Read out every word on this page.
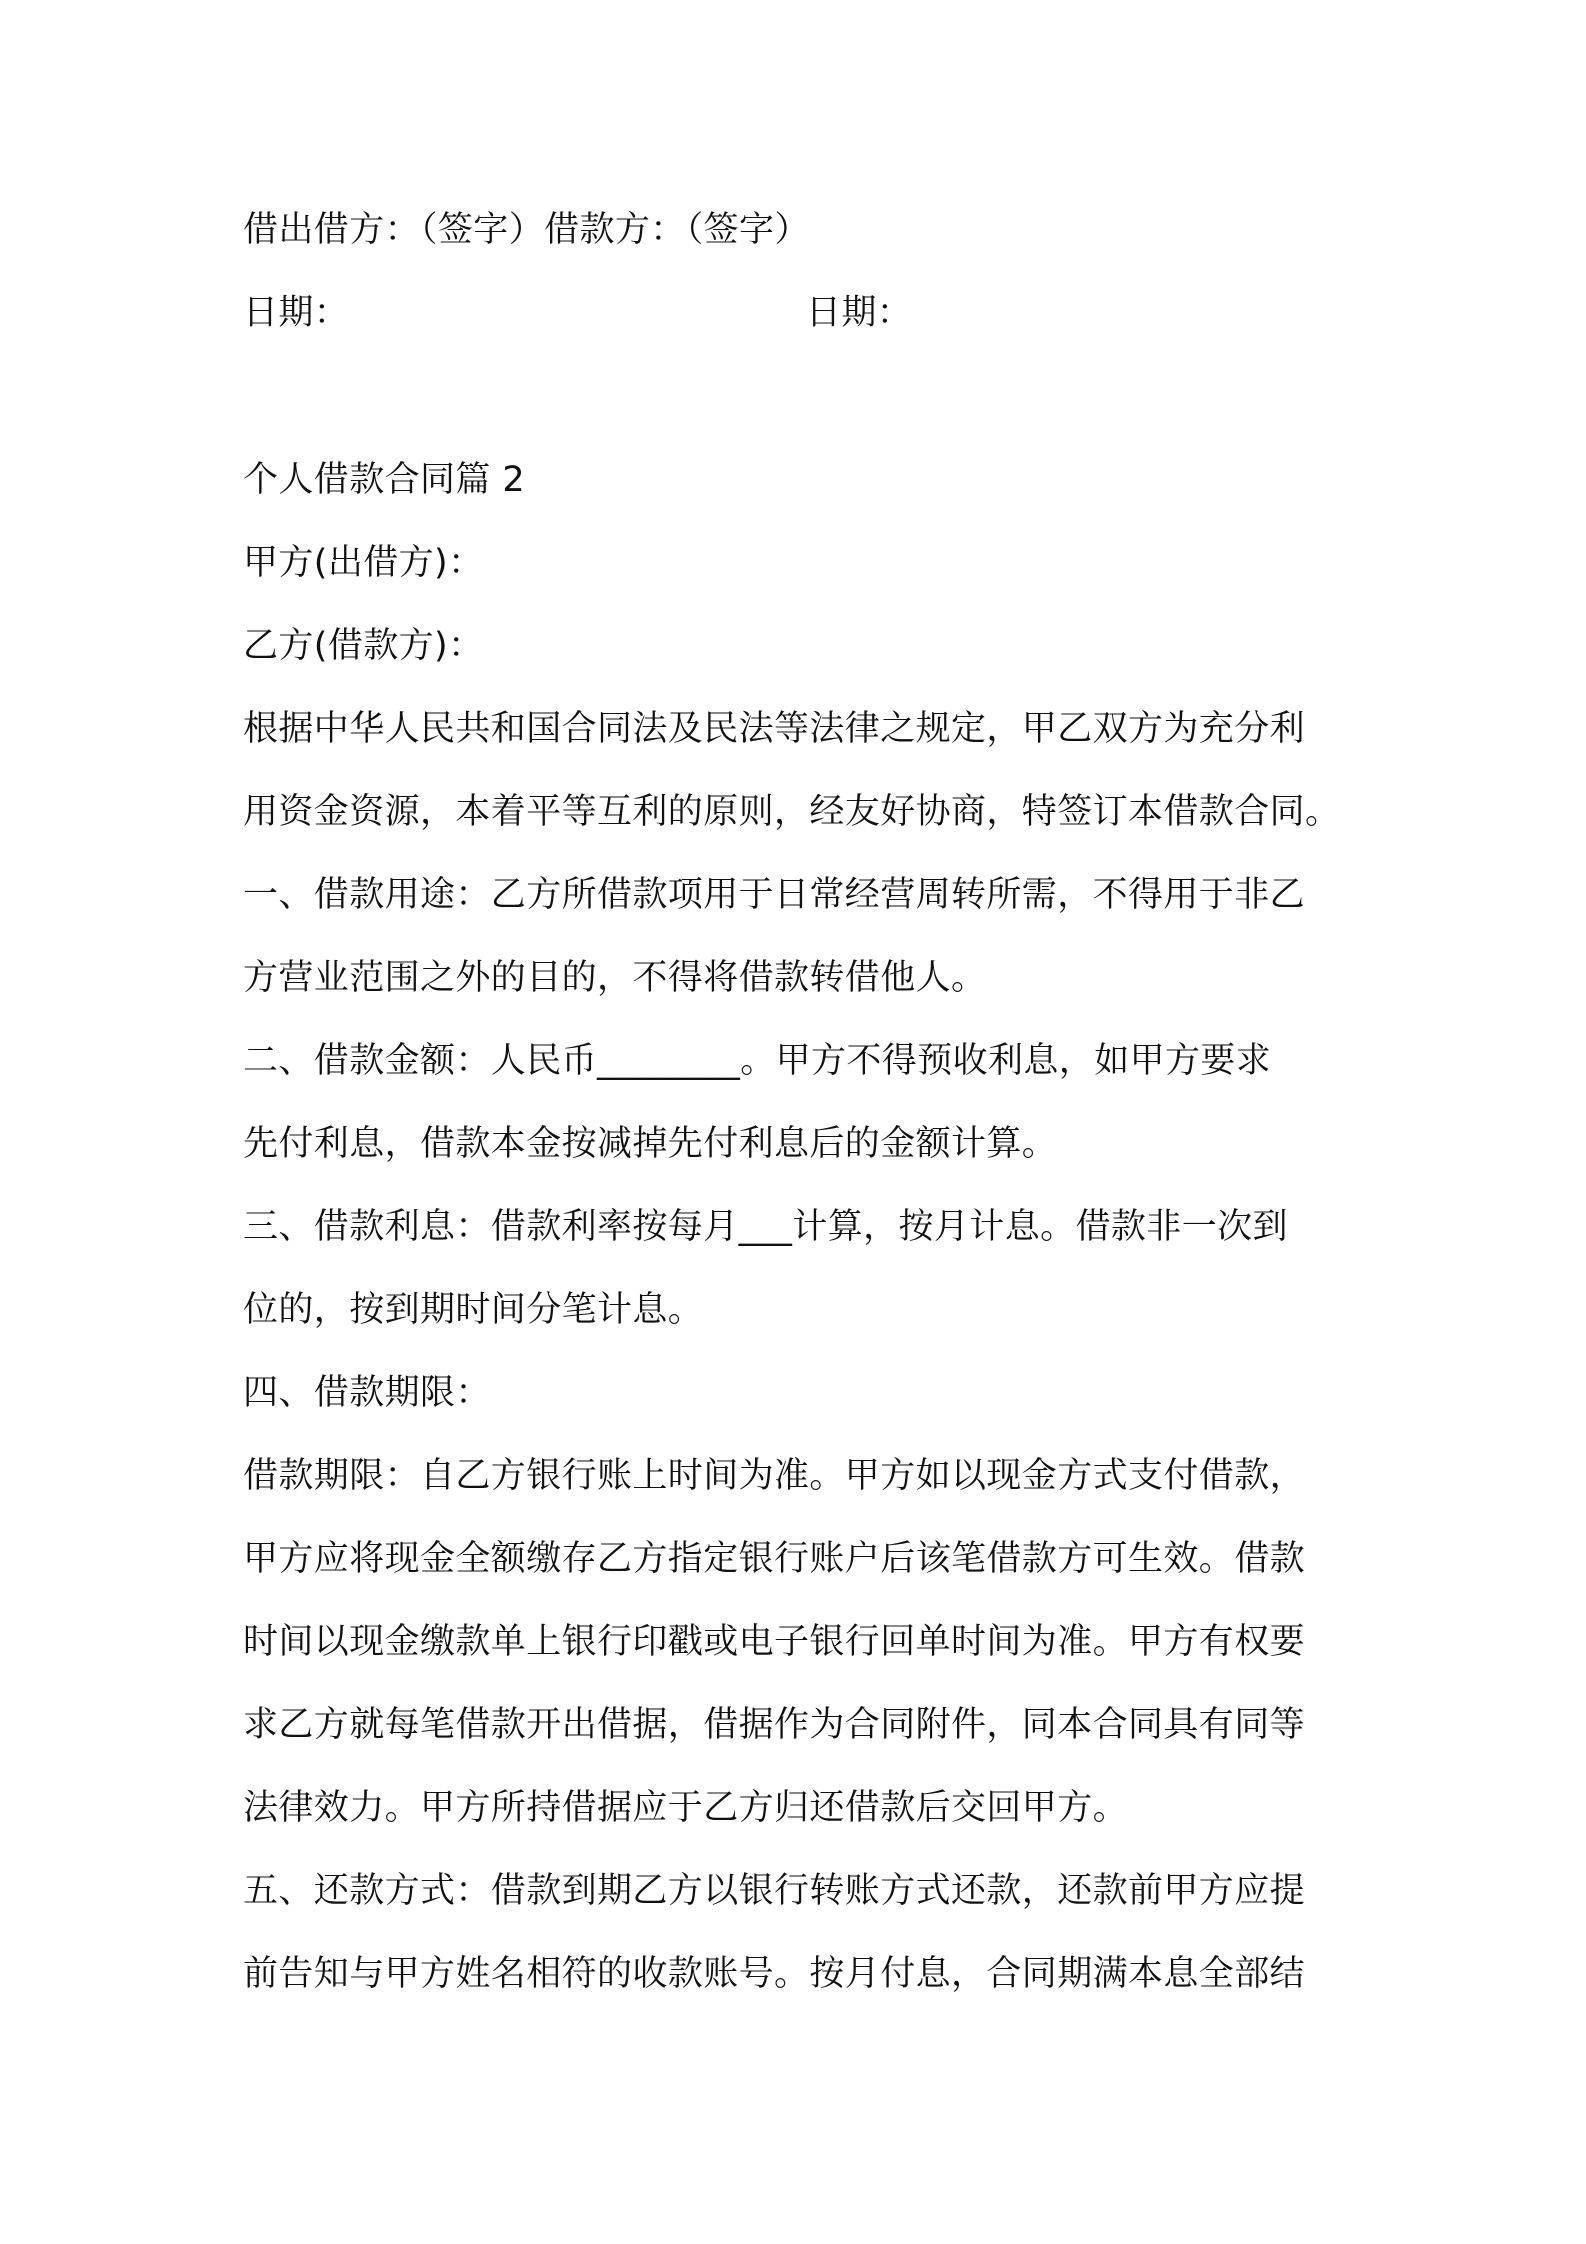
借出借方：（签字）借款方：（签字）

日期：	日期：

个人借款合同篇 2

甲方(出借方)：

乙方(借款方)：

根据中华人民共和国合同法及民法等法律之规定，甲乙双方为充分利

用资金资源，本着平等互利的原则，经友好协商，特签订本借款合同。

一、借款用途：乙方所借款项用于日常经营周转所需，不得用于非乙

方营业范围之外的目的，不得将借款转借他人。

二、借款金额：人民币________。甲方不得预收利息，如甲方要求

先付利息，借款本金按减掉先付利息后的金额计算。

三、借款利息：借款利率按每月___计算，按月计息。借款非一次到

位的，按到期时间分笔计息。

四、借款期限：

借款期限：自乙方银行账上时间为准。甲方如以现金方式支付借款，

甲方应将现金全额缴存乙方指定银行账户后该笔借款方可生效。借款

时间以现金缴款单上银行印戳或电子银行回单时间为准。甲方有权要

求乙方就每笔借款开出借据，借据作为合同附件，同本合同具有同等

法律效力。甲方所持借据应于乙方归还借款后交回甲方。

五、还款方式：借款到期乙方以银行转账方式还款，还款前甲方应提

前告知与甲方姓名相符的收款账号。按月付息，合同期满本息全部结
